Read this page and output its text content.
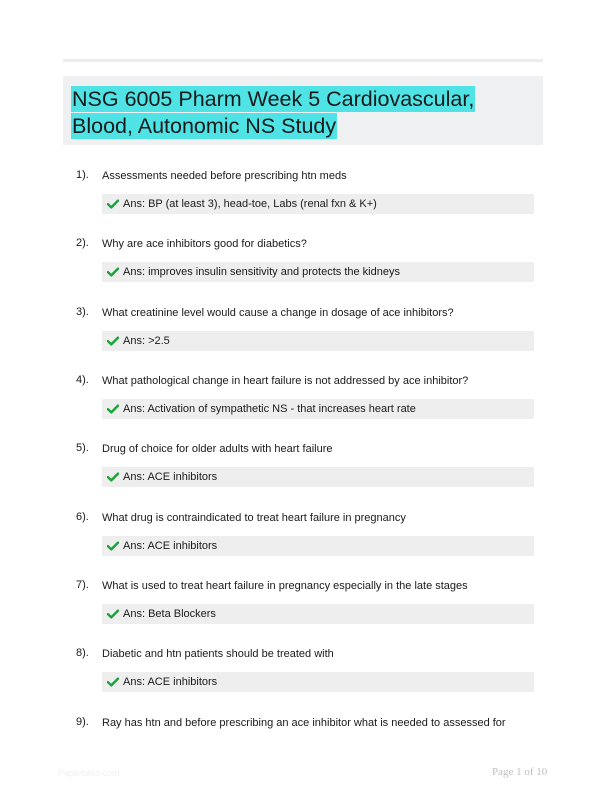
NSG 6005 Pharm Week 5 Cardiovascular, Blood, Autonomic NS Study
1). Assessments needed before prescribing htn meds
Ans: BP (at least 3), head-toe, Labs (renal fxn & K+)
2). Why are ace inhibitors good for diabetics?
Ans: improves insulin sensitivity and protects the kidneys
3). What creatinine level would cause a change in dosage of ace inhibitors?
Ans: >2.5
4). What pathological change in heart failure is not addressed by ace inhibitor?
Ans: Activation of sympathetic NS - that increases heart rate
5). Drug of choice for older adults with heart failure
Ans: ACE inhibitors
6). What drug is contraindicated to treat heart failure in pregnancy
Ans: ACE inhibitors
7). What is used to treat heart failure in pregnancy especially in the late stages
Ans: Beta Blockers
8). Diabetic and htn patients should be treated with
Ans: ACE inhibitors
9). Ray has htn and before prescribing an ace inhibitor what is needed to assessed for
Paperbliss.com	Page 1 of 10
